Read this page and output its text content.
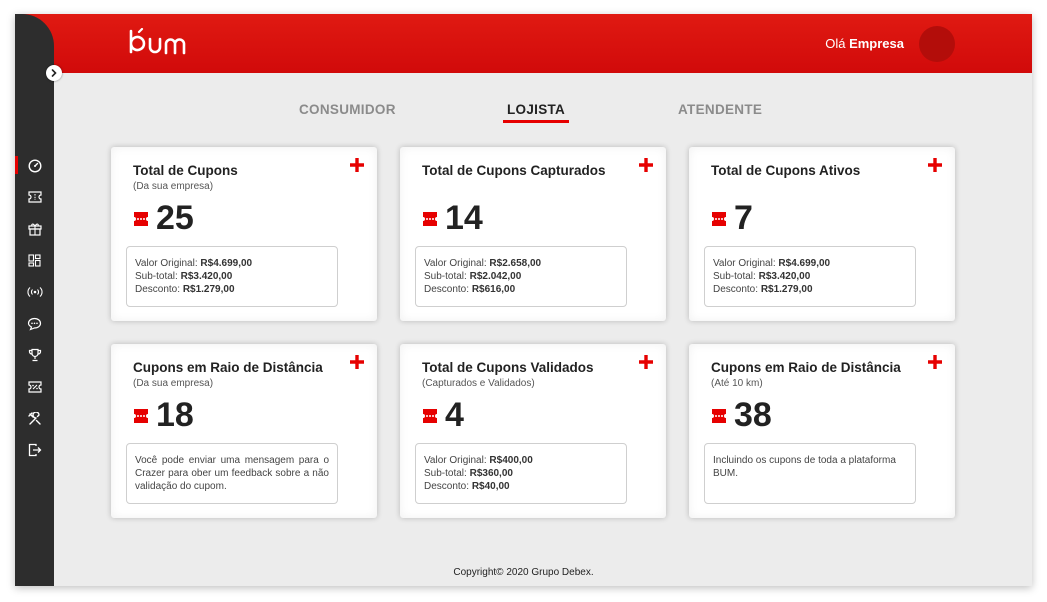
Olá Empresa
CONSUMIDOR	LOJISTA	ATENDENTE
Total de Cupons
(Da sua empresa)
25
Valor Original: R$4.699,00
Sub-total: R$3.420,00
Desconto: R$1.279,00
Total de Cupons Capturados
14
Valor Original: R$2.658,00
Sub-total: R$2.042,00
Desconto: R$616,00
Total de Cupons Ativos
7
Valor Original: R$4.699,00
Sub-total: R$3.420,00
Desconto: R$1.279,00
Cupons em Raio de Distância
(Da sua empresa)
18
Você pode enviar uma mensagem para o Crazer para ober um feedback sobre a não validação do cupom.
Total de Cupons Validados
(Capturados e Validados)
4
Valor Original: R$400,00
Sub-total: R$360,00
Desconto: R$40,00
Cupons em Raio de Distância
(Até 10 km)
38
Incluindo os cupons de toda a plataforma BUM.
Copyright© 2020 Grupo Debex.
